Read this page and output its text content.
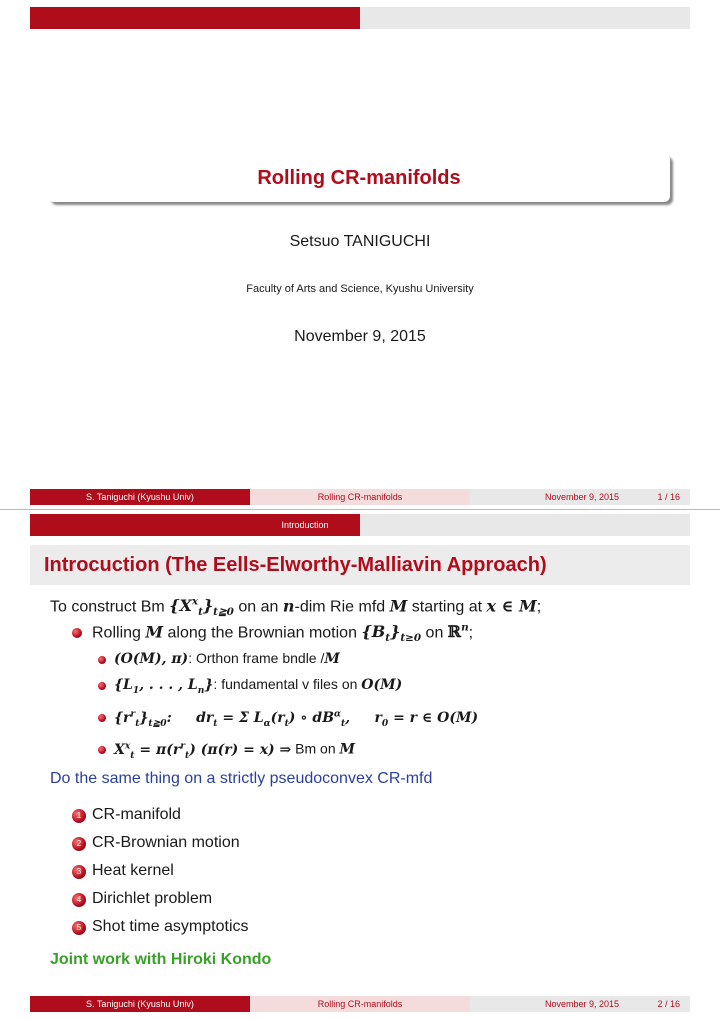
Rolling CR-manifolds
Setsuo TANIGUCHI
Faculty of Arts and Science, Kyushu University
November 9, 2015
S. Taniguchi (Kyushu Univ)	Rolling CR-manifolds	November 9, 2015	1 / 16
Introduction
Introcuction (The Eells-Elworthy-Malliavin Approach)
To construct Bm $\{X^x_t\}_{t≧0}$ on an n-dim Rie mfd M starting at x ∈ M;
Rolling M along the Brownian motion $\{B_t\}_{t\ge 0}$ on ℝ$^n$;
(O(M), π): Orthon frame bndle /M
{$L_1$, . . . , $L_n$}: fundamental v files on O(M)
$\{r^r_t\}_{t≧0}$:     $dr_t = \Sigma$ $L_\alpha(r_t)$ ∘ $dB^\alpha_t$,     $r_0 = r$ ∈ O(M)
$X^x_t = \pi(r^r_t) (\pi(r) = x)$ ⇒ Bm on M
Do the same thing on a strictly pseudoconvex CR-mfd
1 CR-manifold
2 CR-Brownian motion
3 Heat kernel
4 Dirichlet problem
5 Shot time asymptotics
Joint work with Hiroki Kondo
S. Taniguchi (Kyushu Univ)	Rolling CR-manifolds	November 9, 2015	2 / 16
